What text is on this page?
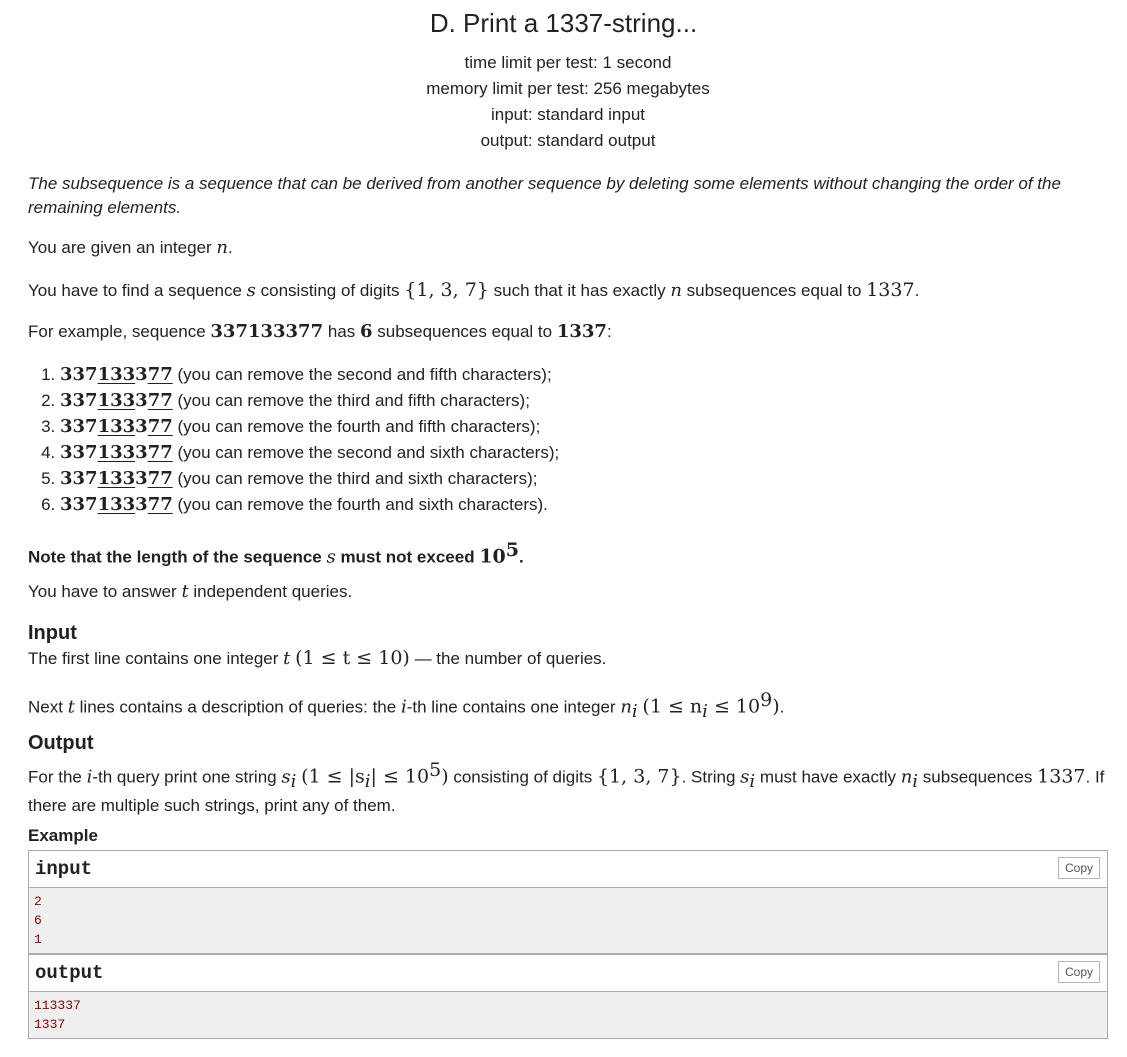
D. Print a 1337-string...
time limit per test: 1 second
memory limit per test: 256 megabytes
input: standard input
output: standard output
The subsequence is a sequence that can be derived from another sequence by deleting some elements without changing the order of the remaining elements.
You are given an integer n.
You have to find a sequence s consisting of digits {1, 3, 7} such that it has exactly n subsequences equal to 1337.
For example, sequence 337133377 has 6 subsequences equal to 1337:
1. 337133377 (you can remove the second and fifth characters);
2. 337133377 (you can remove the third and fifth characters);
3. 337133377 (you can remove the fourth and fifth characters);
4. 337133377 (you can remove the second and sixth characters);
5. 337133377 (you can remove the third and sixth characters);
6. 337133377 (you can remove the fourth and sixth characters).
Note that the length of the sequence s must not exceed $10^5$.
You have to answer t independent queries.
Input
The first line contains one integer t (1 ≤ t ≤ 10) — the number of queries.
Next t lines contains a description of queries: the i-th line contains one integer $n_i$ $(1 \le n_i \le 10^9)$.
Output
For the i-th query print one string $s_i$ $(1 \le |s_i| \le 10^5)$ consisting of digits {1, 3, 7}. String $s_i$ must have exactly $n_i$ subsequences 1337. If there are multiple such strings, print any of them.
Example
input	Copy
2
6
1
output	Copy
113337
1337
